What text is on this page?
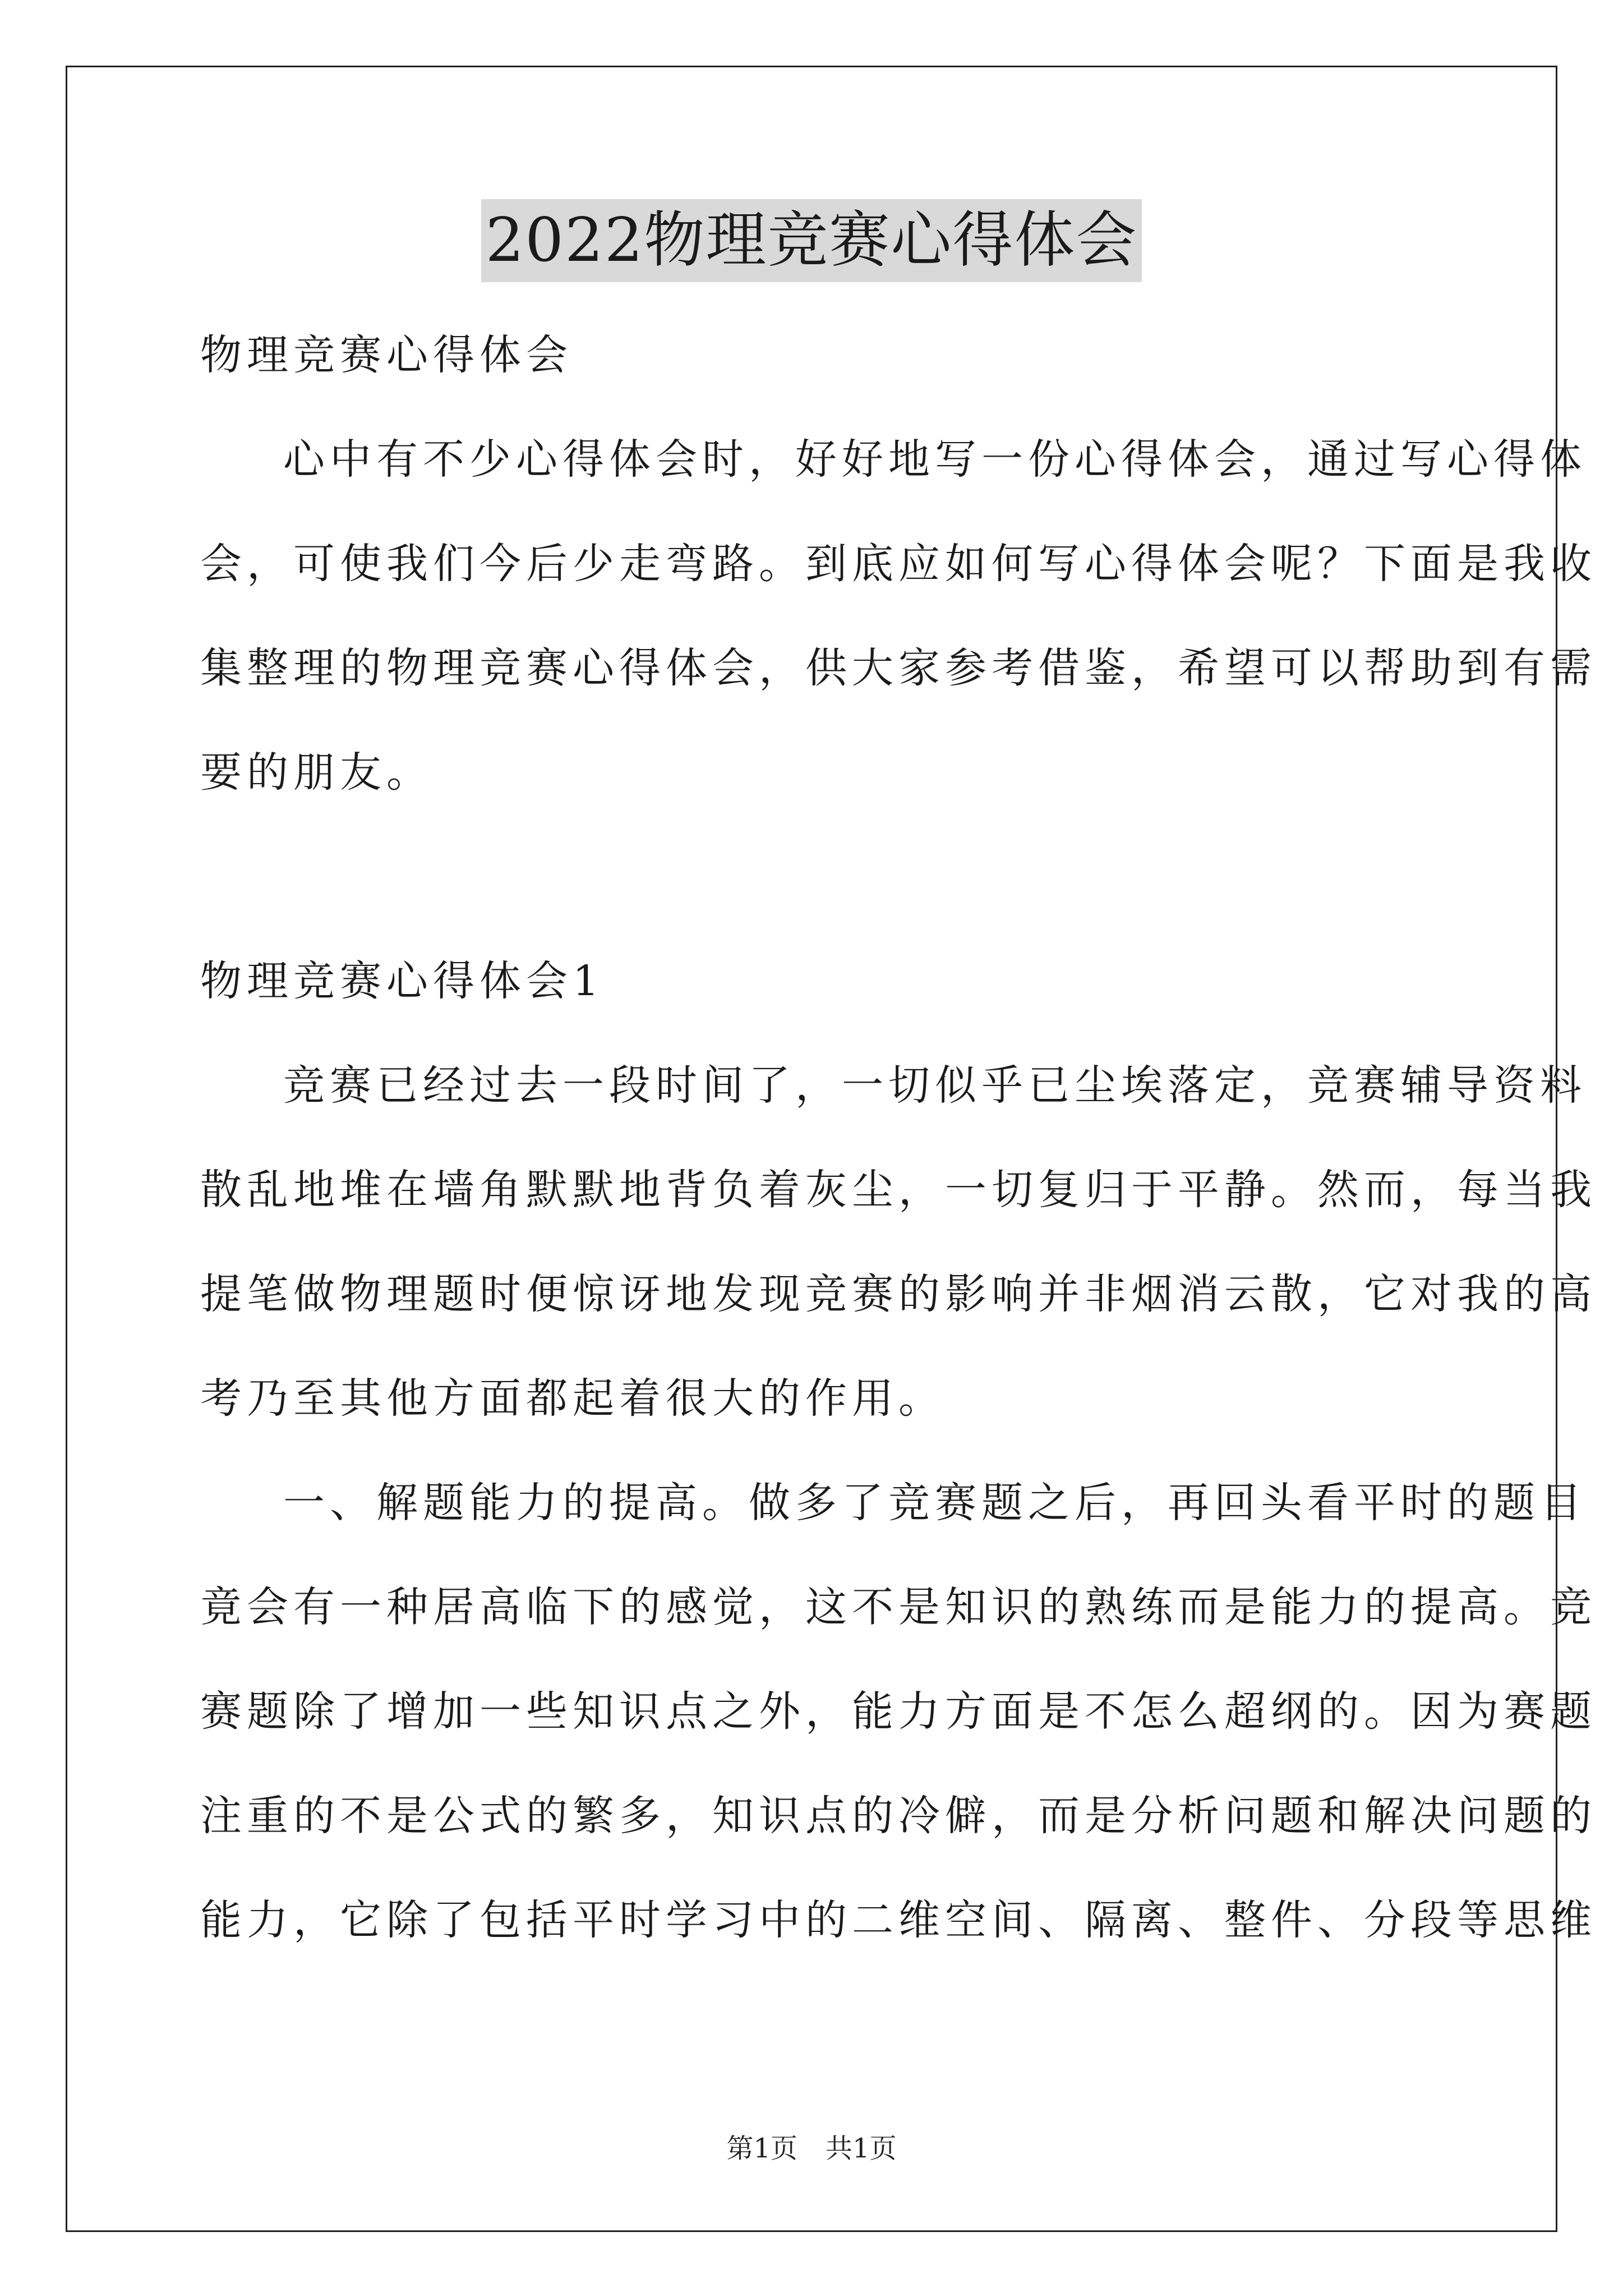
2022物理竞赛心得体会
物理竞赛心得体会
心中有不少心得体会时，好好地写一份心得体会，通过写心得体
会，可使我们今后少走弯路。到底应如何写心得体会呢？下面是我收
集整理的物理竞赛心得体会，供大家参考借鉴，希望可以帮助到有需
要的朋友。
物理竞赛心得体会1
竞赛已经过去一段时间了，一切似乎已尘埃落定，竞赛辅导资料
散乱地堆在墙角默默地背负着灰尘，一切复归于平静。然而，每当我
提笔做物理题时便惊讶地发现竞赛的影响并非烟消云散，它对我的高
考乃至其他方面都起着很大的作用。
一、解题能力的提高。做多了竞赛题之后，再回头看平时的题目
竟会有一种居高临下的感觉，这不是知识的熟练而是能力的提高。竞
赛题除了增加一些知识点之外，能力方面是不怎么超纲的。因为赛题
注重的不是公式的繁多，知识点的冷僻，而是分析问题和解决问题的
能力，它除了包括平时学习中的二维空间、隔离、整件、分段等思维
第1页 共1页
